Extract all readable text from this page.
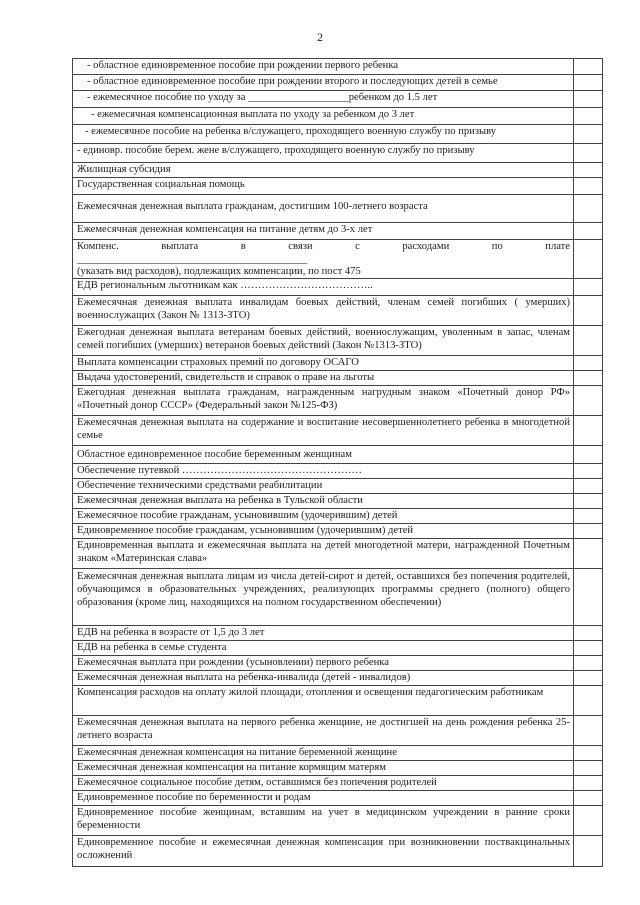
2
- областное единовременное пособие при рождении первого ребенка
- областное единовременное пособие при рождении второго и последующих детей в семье
- ежемесячное пособие по уходу за ___________________ребенком до 1.5 лет
- ежемесячная компенсационная выплата по уходу за ребенком до 3 лет
- ежемесячное пособие на ребенка в/служащего, проходящего военную службу по призыву
- единовр. пособие берем. жене в/служащего, проходящего военную службу по призыву
Жилищная субсидия
Государственная социальная помощь
Ежемесячная денежная выплата гражданам, достигшим 100-летнего возраста
Ежемесячная денежная компенсация на питание детям до 3-х лет
Компенс. выплата в связи с расходами по плате
______________________________________________
(указать вид расходов), подлежащих компенсации, по пост 475
ЕДВ региональным льготникам как ………………………………..
Ежемесячная денежная выплата инвалидам боевых действий, членам семей погибших ( умерших) военнослужащих (Закон № 1313-ЗТО)
Ежегодная денежная выплата ветеранам боевых действий, военнослужащим, уволенным в запас, членам семей погибших (умерших) ветеранов боевых действий (Закон №1313-ЗТО)
Выплата компенсации страховых премий по договору ОСАГО
Выдача удостоверений, свидетельств и справок о праве на льготы
Ежегодная денежная выплата гражданам, награжденным нагрудным знаком «Почетный донор РФ» «Почетный донор СССР» (Федеральный закон №125-ФЗ)
Ежемесячная денежная выплата на содержание и воспитание несовершеннолетнего ребенка в многодетной семье
Областное единовременное пособие беременным женщинам
Обеспечение путевкой ……………………………………………
Обеспечение техническими средствами реабилитации
Ежемесячная денежная выплата на ребенка в Тульской области
Ежемесячное пособие гражданам, усыновившим (удочерившим) детей
Единовременное пособие гражданам, усыновившим (удочерившим) детей
Единовременная выплата и ежемесячная выплата на детей многодетной матери, награжденной Почетным знаком «Материнская слава»
Ежемесячная денежная выплата лицам из числа детей-сирот и детей, оставшихся без попечения родителей, обучающимся в образовательных учреждениях, реализующих программы среднего (полного) общего образования (кроме лиц, находящихся на полном государственном обеспечении)
ЕДВ на ребенка в возрасте от 1,5 до 3 лет
ЕДВ на ребенка в семье студента
Ежемесячная выплата при рождении (усыновлении) первого ребенка
Ежемесячная денежная выплата на ребенка-инвалида (детей - инвалидов)
Компенсация расходов на оплату жилой площади, отопления и освещения педагогическим работникам
Ежемесячная денежная выплата на первого ребенка женщине, не достигшей на день рождения ребенка 25-летнего возраста
Ежемесячная денежная компенсация на питание беременной женщине
Ежемесячная денежная компенсация на питание кормящим матерям
Ежемесячное социальное пособие детям, оставшимся без попечения родителей
Единовременное пособие по беременности и родам
Единовременное пособие женщинам, вставшим на учет в медицинском учреждении в ранние сроки беременности
Единовременное пособие и ежемесячная денежная компенсация при возникновении поствакцинальных осложнений
